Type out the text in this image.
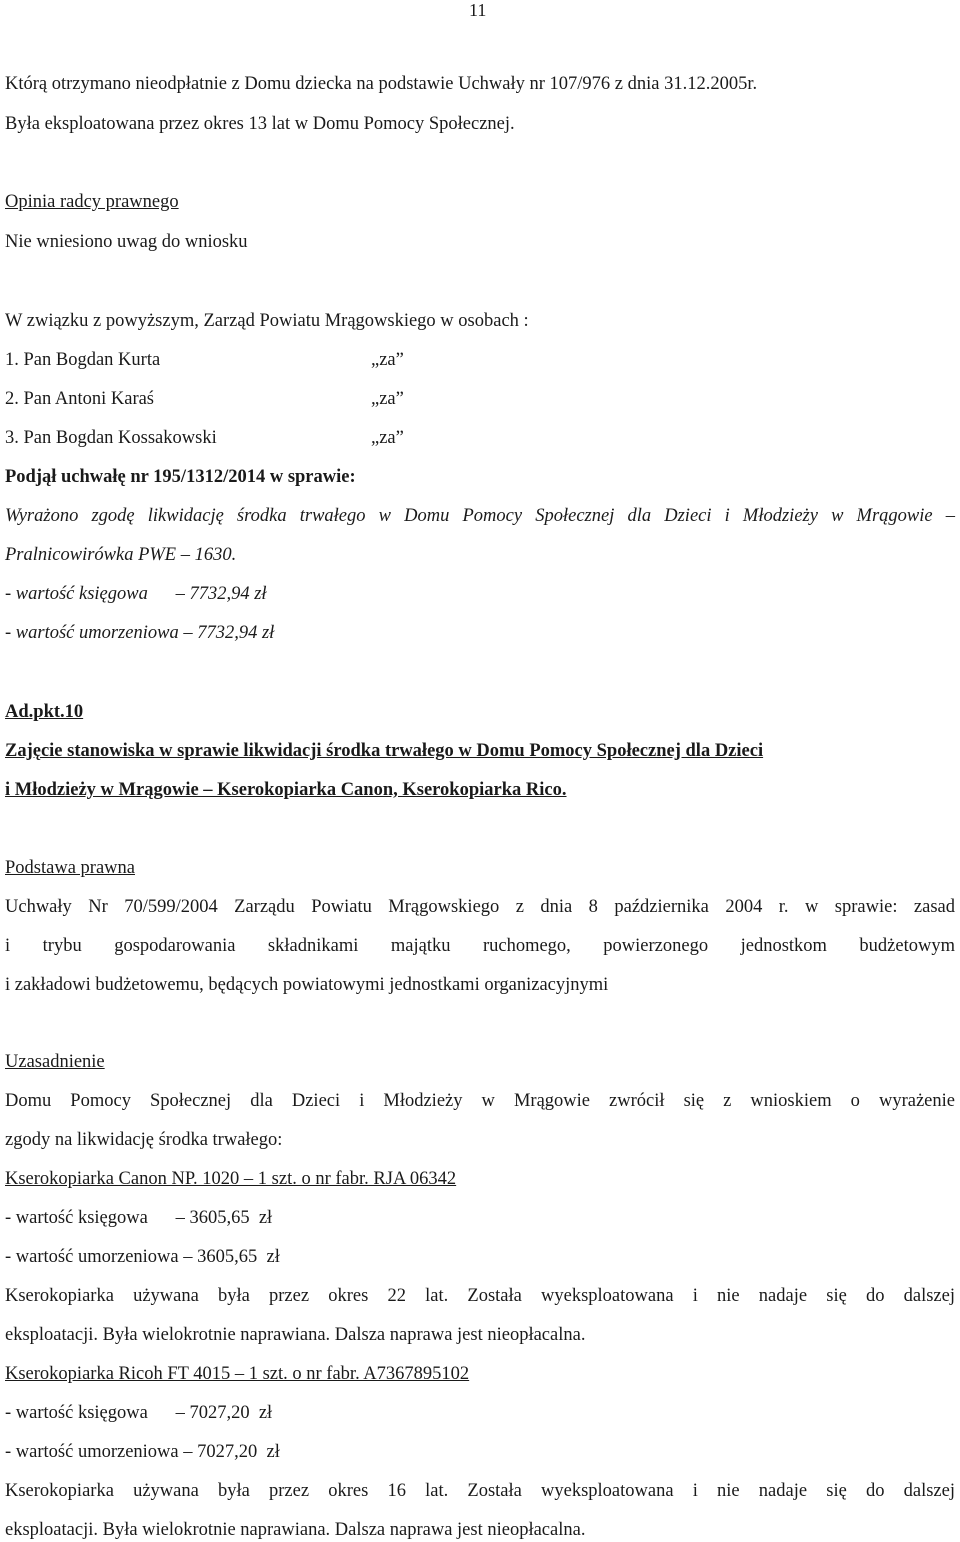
11
Którą otrzymano nieodpłatnie z Domu dziecka na podstawie Uchwały nr 107/976 z dnia 31.12.2005r.
Była eksploatowana przez okres 13 lat w Domu Pomocy Społecznej.
Opinia radcy prawnego
Nie wniesiono uwag do wniosku
W związku z powyższym, Zarząd Powiatu Mrągowskiego w osobach :
1. Pan Bogdan Kurta	„za”
2. Pan Antoni Karaś	„za”
3. Pan Bogdan Kossakowski	„za”
Podjął uchwałę nr 195/1312/2014 w sprawie:
Wyrażono zgodę likwidację środka trwałego w Domu Pomocy Społecznej dla Dzieci i Młodzieży w Mrągowie –
Pralnicowirówka PWE – 1630.
- wartość księgowa      – 7732,94 zł
- wartość umorzeniowa – 7732,94 zł
Ad.pkt.10
Zajęcie stanowiska w sprawie likwidacji środka trwałego w Domu Pomocy Społecznej dla Dzieci
i Młodzieży w Mrągowie – Kserokopiarka Canon, Kserokopiarka Rico.
Podstawa prawna
Uchwały Nr 70/599/2004 Zarządu Powiatu Mrągowskiego z dnia 8 października 2004 r. w sprawie: zasad
i trybu gospodarowania składnikami majątku ruchomego, powierzonego jednostkom budżetowym
i zakładowi budżetowemu, będących powiatowymi jednostkami organizacyjnymi
Uzasadnienie
Domu Pomocy Społecznej dla Dzieci i Młodzieży w Mrągowie zwrócił się z wnioskiem o wyrażenie
zgody na likwidację środka trwałego:
Kserokopiarka Canon NP. 1020 – 1 szt. o nr fabr. RJA 06342
- wartość księgowa      – 3605,65  zł
- wartość umorzeniowa – 3605,65  zł
Kserokopiarka używana była przez okres 22 lat. Została wyeksploatowana i nie nadaje się do dalszej
eksploatacji. Była wielokrotnie naprawiana. Dalsza naprawa jest nieopłacalna.
Kserokopiarka Ricoh FT 4015 – 1 szt. o nr fabr. A7367895102
- wartość księgowa      – 7027,20  zł
- wartość umorzeniowa – 7027,20  zł
Kserokopiarka używana była przez okres 16 lat. Została wyeksploatowana i nie nadaje się do dalszej
eksploatacji. Była wielokrotnie naprawiana. Dalsza naprawa jest nieopłacalna.
